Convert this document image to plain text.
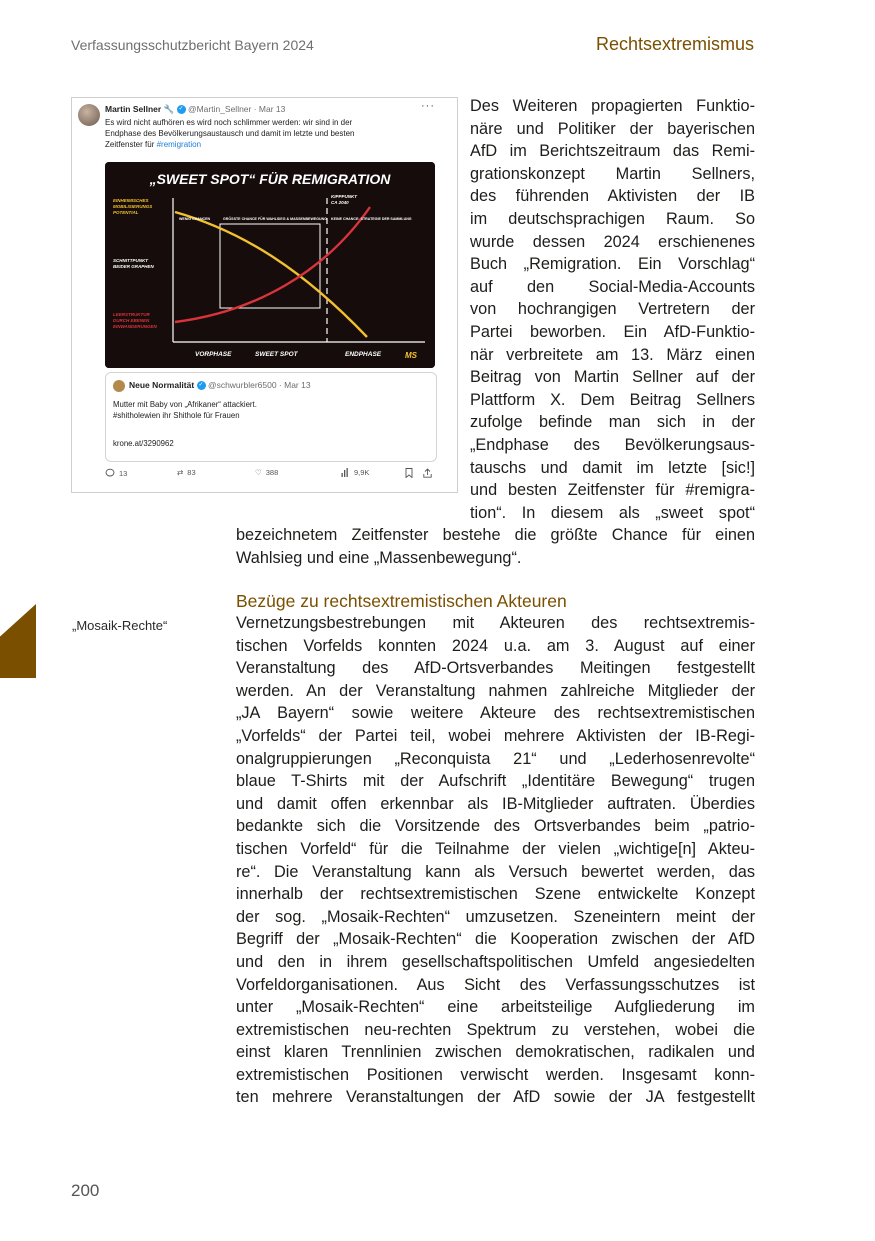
Verfassungsschutzbericht Bayern 2024	Rechtsextremismus
Martin Sellner 🔧 ✓ @Martin_Sellner · Mar 13	···
Es wird nicht aufhören es wird noch schlimmer werden: wir sind in der
Endphase des Bevölkerungsaustausch und damit im letzte und besten
Zeitfenster für #remigration
„SWEET SPOT“ FÜR REMIGRATION
EINHEIMISCHES
MOBILISIERUNGS
POTENTIAL
SCHNITTPUNKT
BEIDER GRAPHEN
LEERSTRUKTUR
DURCH EBENEN
EINWANDERUNGEN
KIPPPUNKT
CA 2040
WENIG CHANCEN	GRÖSSTE CHANCE FÜR WAHLSIEG & MASSENBEWEGUNG KEINE CHANCE: STRATEGIE DER SAMMLUNG
VORPHASE	SWEET SPOT	ENDPHASE	MS
Neue Normalität ✓ @schwurbler6500 · Mar 13
Mutter mit Baby von „Afrikaner“ attackiert.
#shitholewien ihr Shithole für Frauen
krone.at/3290962
13	⇄ 83	♡ 388	9,9K
Des Weiteren propagierten Funktio-
näre und Politiker der bayerischen
AfD im Berichtszeitraum das Remi-
grationskonzept Martin Sellners,
des führenden Aktivisten der IB
im deutschsprachigen Raum. So
wurde dessen 2024 erschienenes
Buch „Remigration. Ein Vorschlag“
auf den Social-Media-Accounts
von hochrangigen Vertretern der
Partei beworben. Ein AfD-Funktio-
när verbreitete am 13. März einen
Beitrag von Martin Sellner auf der
Plattform X. Dem Beitrag Sellners
zufolge befinde man sich in der
„Endphase des Bevölkerungsaus-
tauschs und damit im letzte [sic!]
und besten Zeitfenster für #remigra-
tion“. In diesem als „sweet spot“
bezeichnetem Zeitfenster bestehe die größte Chance für einen
Wahlsieg und eine „Massenbewegung“.
Bezüge zu rechtsextremistischen Akteuren
„Mosaik-Rechte“	Vernetzungsbestrebungen mit Akteuren des rechtsextremis-
tischen Vorfelds konnten 2024 u.a. am 3. August auf einer
Veranstaltung des AfD-Ortsverbandes Meitingen festgestellt
werden. An der Veranstaltung nahmen zahlreiche Mitglieder der
„JA Bayern“ sowie weitere Akteure des rechtsextremistischen
„Vorfelds“ der Partei teil, wobei mehrere Aktivisten der IB-Regi-
onalgruppierungen „Reconquista 21“ und „Lederhosenrevolte“
blaue T-Shirts mit der Aufschrift „Identitäre Bewegung“ trugen
und damit offen erkennbar als IB-Mitglieder auftraten. Überdies
bedankte sich die Vorsitzende des Ortsverbandes beim „patrio-
tischen Vorfeld“ für die Teilnahme der vielen „wichtige[n] Akteu-
re“. Die Veranstaltung kann als Versuch bewertet werden, das
innerhalb der rechtsextremistischen Szene entwickelte Konzept
der sog. „Mosaik-Rechten“ umzusetzen. Szeneintern meint der
Begriff der „Mosaik-Rechten“ die Kooperation zwischen der AfD
und den in ihrem gesellschaftspolitischen Umfeld angesiedelten
Vorfeldorganisationen. Aus Sicht des Verfassungsschutzes ist
unter „Mosaik-Rechten“ eine arbeitsteilige Aufgliederung im
extremistischen neu-rechten Spektrum zu verstehen, wobei die
einst klaren Trennlinien zwischen demokratischen, radikalen und
extremistischen Positionen verwischt werden. Insgesamt konn-
ten mehrere Veranstaltungen der AfD sowie der JA festgestellt
200
